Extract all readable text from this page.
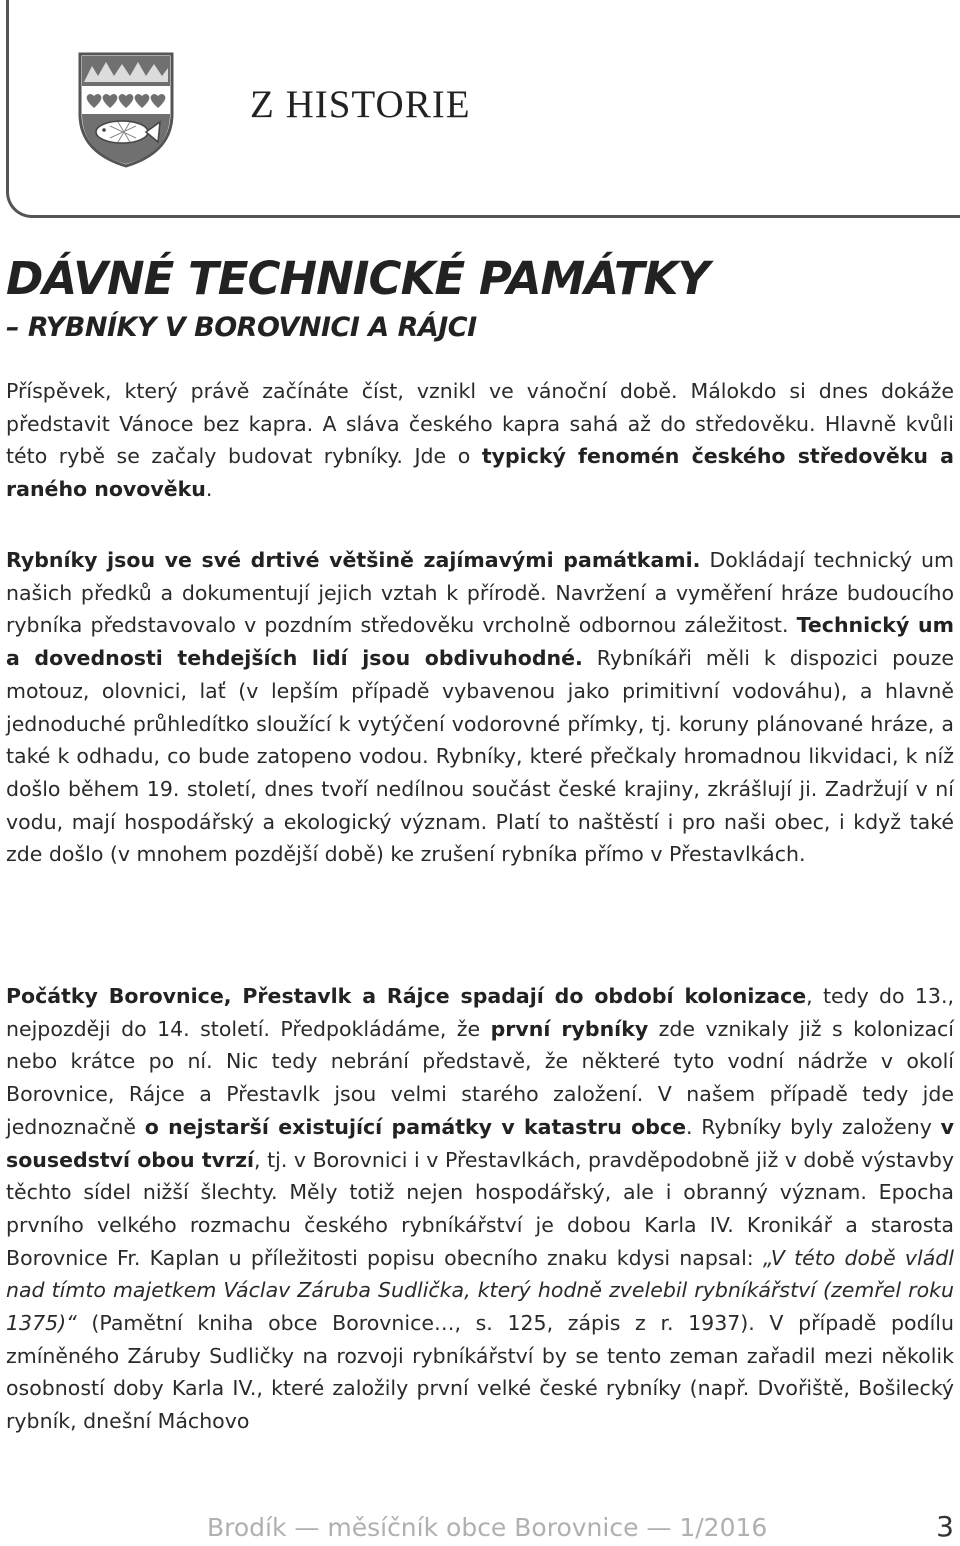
Z HISTORIE
DÁVNÉ TECHNICKÉ PAMÁTKY
– RYBNÍKY V BOROVNICI A RÁJCI

Příspěvek, který právě začínáte číst, vznikl ve vánoční době. Málokdo si dnes dokáže představit Vánoce bez kapra. A sláva českého kapra sahá až do středověku. Hlavně kvůli této rybě se začaly budovat rybníky. Jde o typický fenomén českého středověku a raného novověku.

Rybníky jsou ve své drtivé většině zajímavými památkami. Dokládají technický um našich předků a dokumentují jejich vztah k přírodě. Navržení a vyměření hráze budoucího rybníka představovalo v pozdním středověku vrcholně odbornou záležitost. Technický um a dovednosti tehdejších lidí jsou obdivuhodné. Rybníkáři měli k dispozici pouze motouz, olovnici, lať (v lepším případě vybavenou jako primitivní vodováhu), a hlavně jednoduché průhledítko sloužící k vytýčení vodorovné přímky, tj. koruny plánované hráze, a také k odhadu, co bude zatopeno vodou. Rybníky, které přečkaly hromadnou likvidaci, k níž došlo během 19. století, dnes tvoří nedílnou součást české krajiny, zkrášlují ji. Zadržují v ní vodu, mají hospodářský a ekologický význam. Platí to naštěstí i pro naši obec, i když také zde došlo (v mnohem pozdější době) ke zrušení rybníka přímo v Přestavlkách.

Počátky Borovnice, Přestavlk a Rájce spadají do období kolonizace, tedy do 13., nejpozději do 14. století. Předpokládáme, že první rybníky zde vznikaly již s kolonizací nebo krátce po ní. Nic tedy nebrání představě, že některé tyto vodní nádrže v okolí Borovnice, Rájce a Přestavlk jsou velmi starého založení. V našem případě tedy jde jednoznačně o nejstarší existující památky v katastru obce. Rybníky byly založeny v sousedství obou tvrzí, tj. v Borovnici i v Přestavlkách, pravděpodobně již v době výstavby těchto sídel nižší šlechty. Měly totiž nejen hospodářský, ale i obranný význam. Epocha prvního velkého rozmachu českého rybníkářství je dobou Karla IV. Kronikář a starosta Borovnice Fr. Kaplan u příležitosti popisu obecního znaku kdysi napsal: „V této době vládl nad tímto majetkem Václav Záruba Sudlička, který hodně zvelebil rybníkářství (zemřel roku 1375)“ (Pamětní kniha obce Borovnice…, s. 125, zápis z r. 1937). V případě podílu zmíněného Záruby Sudličky na rozvoji rybníkářství by se tento zeman zařadil mezi několik osobností doby Karla IV., které založily první velké české rybníky (např. Dvořiště, Bošilecký rybník, dnešní Máchovo

Brodík — měsíčník obce Borovnice — 1/2016	3
